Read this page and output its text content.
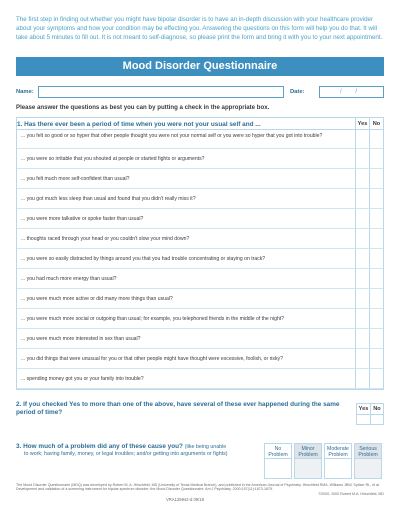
The first step in finding out whether you might have bipolar disorder is to have an in-depth discussion with your healthcare provider about your symptoms and how your condition may be effecting you. Answering the questions on this form will help you do that. It will take about 5 minutes to fill out. It is not meant to self-diagnose, so please print the form and bring it with you to your next appointment.
Mood Disorder Questionnaire
Name:	Date:	/ /
Please answer the questions as best you can by putting a check in the appropriate box.
1. Has there ever been a period of time when you were not your usual self and ...	Yes No
... you felt so good or so hyper that other people thought you were not your normal self or you were so hyper that you got into trouble?
... you were so irritable that you shouted at people or started fights or arguments?
... you felt much more self-confident than usual?
... you got much less sleep than usual and found that you didn't really miss it?
... you were more talkative or spoke faster than usual?
... thoughts raced through your head or you couldn't slow your mind down?
... you were so easily distracted by things around you that you had trouble concentrating or staying on track?
... you had much more energy than usual?
... you were much more active or did many more things than usual?
... you were much more social or outgoing than usual; for example, you telephoned friends in the middle of the night?
... you were much more interested in sex than usual?
... you did things that were unusual for you or that other people might have thought were excessive, foolish, or risky?
... spending money got you or your family into trouble?
2. If you checked Yes to more than one of the above, have several of these ever happened during the same period of time?	Yes No
3. How much of a problem did any of these cause you? (like being unable
to work; having family, money, or legal troubles; and/or getting into arguments or fights)
No Problem
Minor Problem
Moderate Problem
Serious Problem
The Mood Disorder Questionnaire (MDQ) was developed by Robert M. A. Hirschfeld, MD (University of Texas Medical Branch), and published in the American Journal of Psychiatry. Hirschfeld RMA, Williams JBW, Spitzer RL, et al. Development and validation of a screening instrument for bipolar spectrum disorder: the Mood Disorder Questionnaire. Am J Psychiatry. 2000;157(11):1873-1875.
©2000, 2000 Robert M.A. Hirschfeld, MD
VRA125942-d 09/19
